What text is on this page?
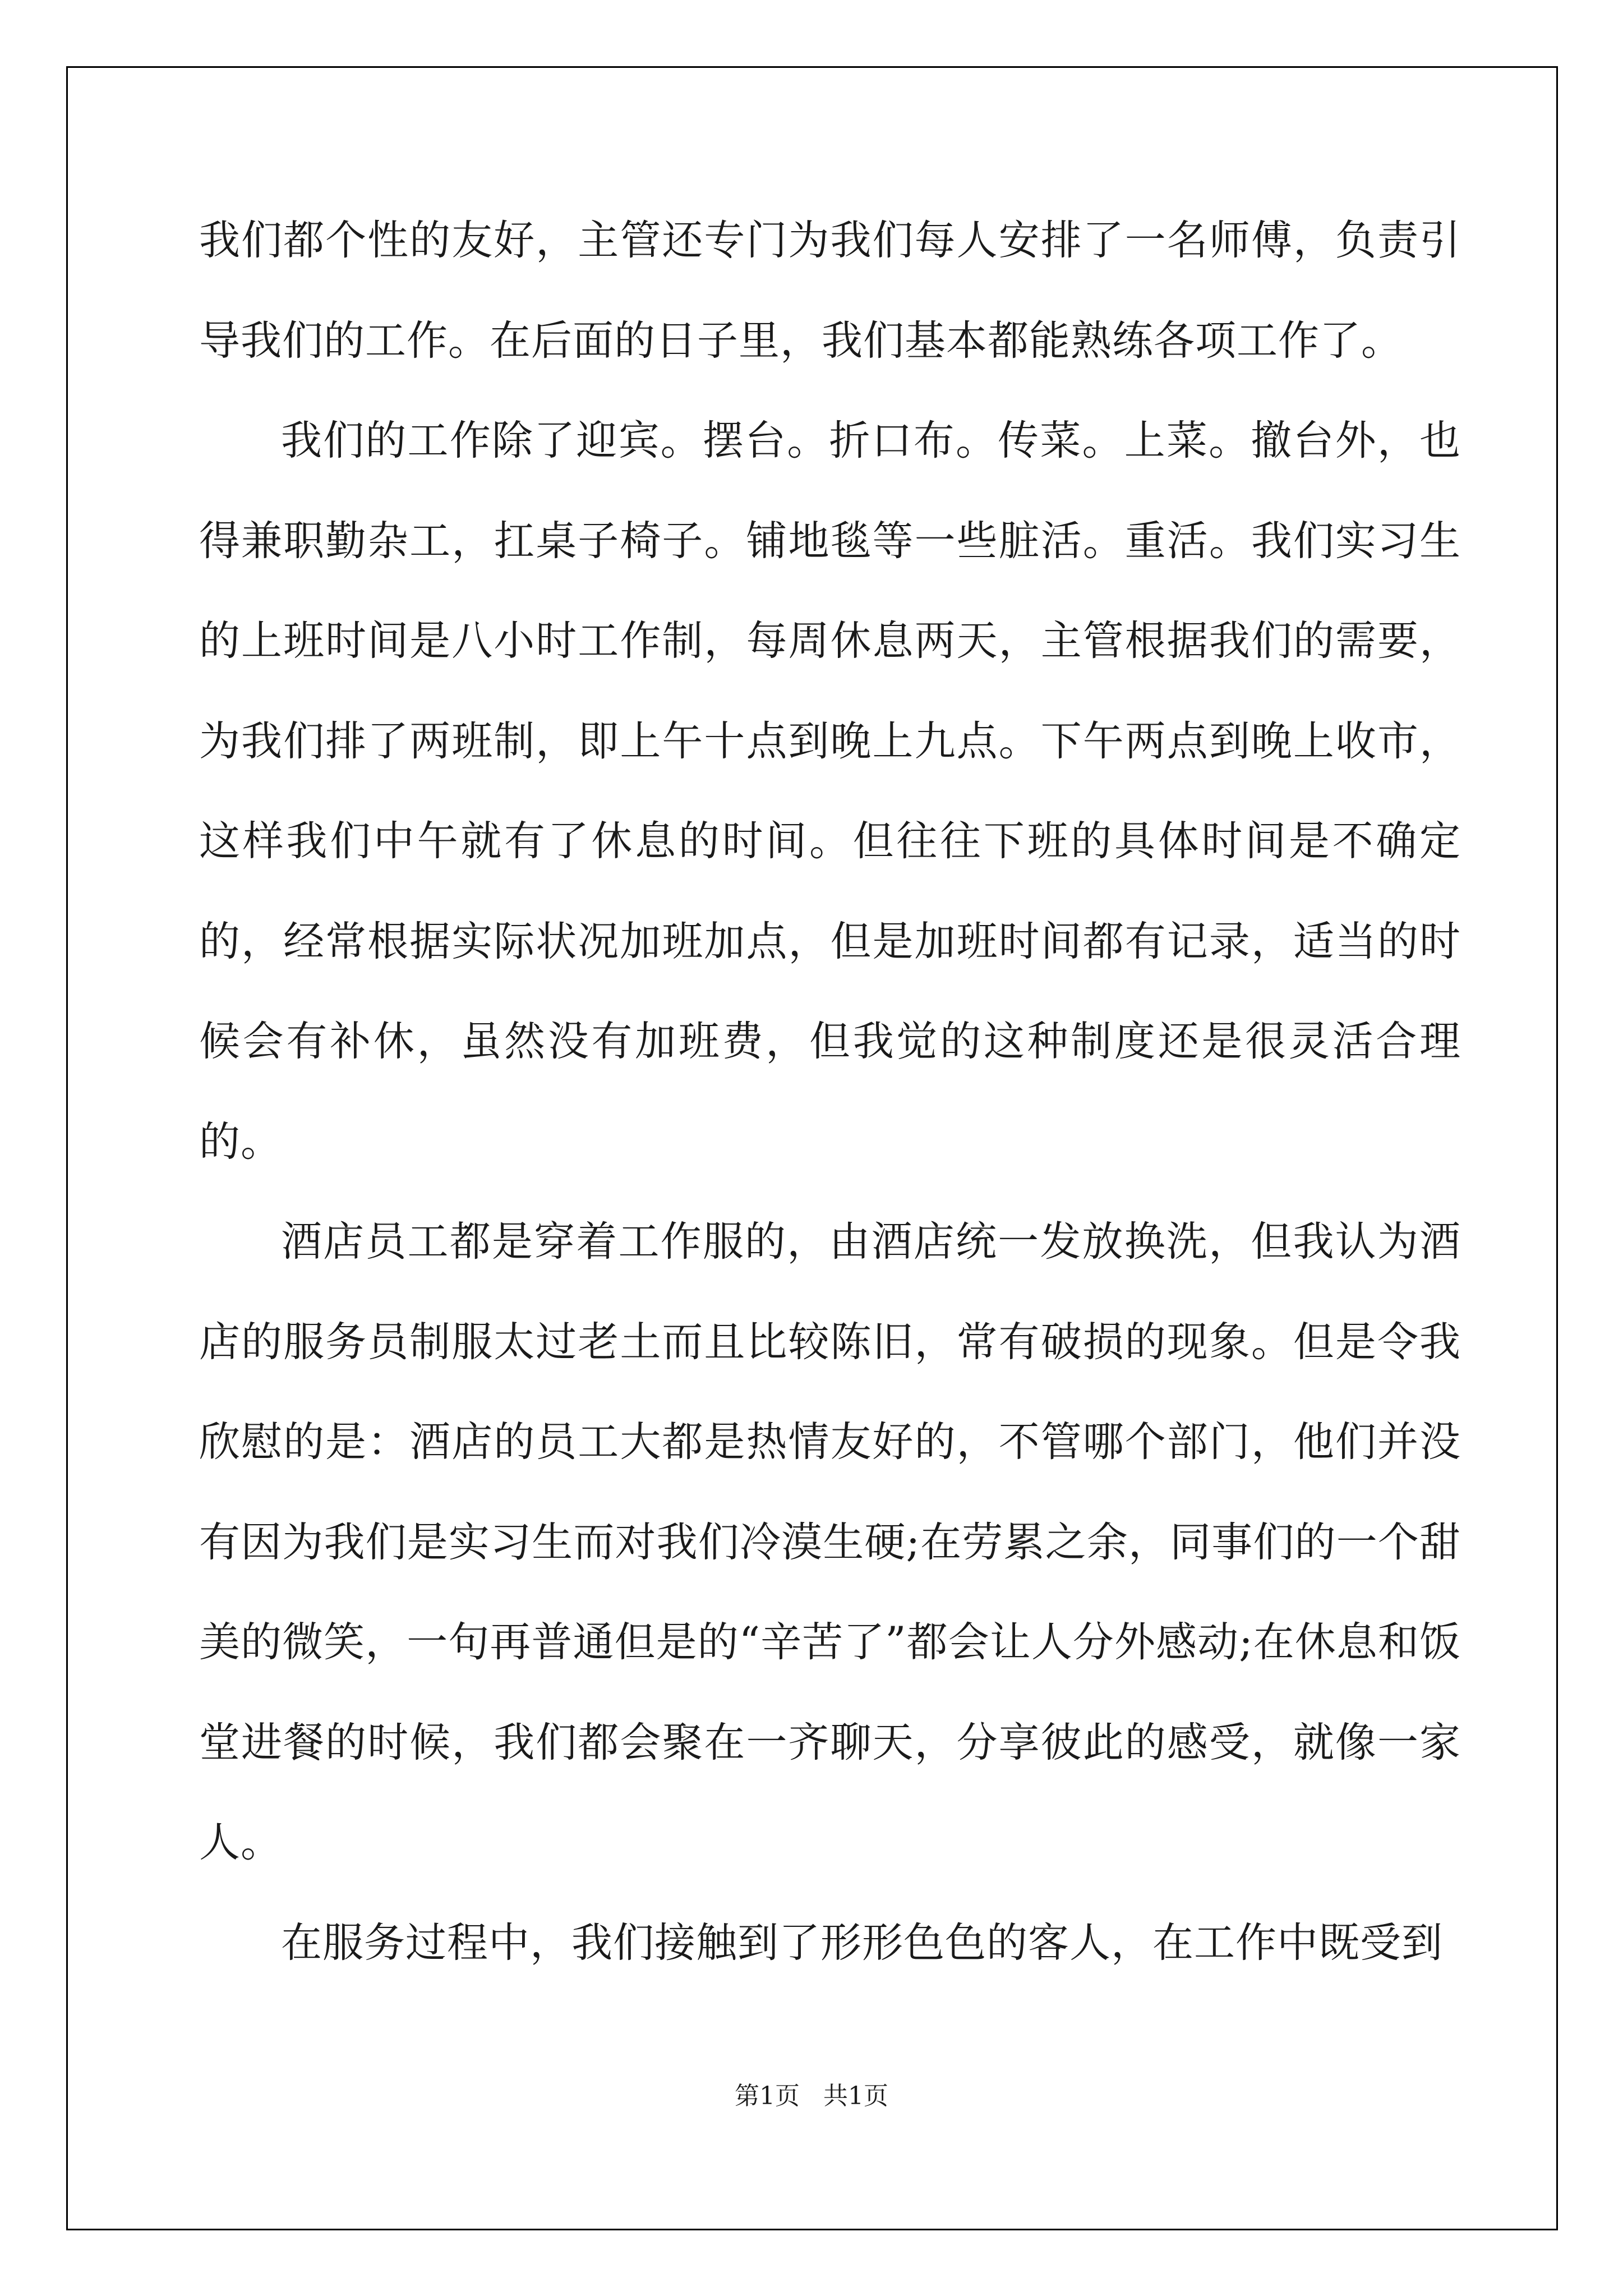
我们都个性的友好，主管还专门为我们每人安排了一名师傅，负责引导我们的工作。在后面的日子里，我们基本都能熟练各项工作了。

我们的工作除了迎宾。摆台。折口布。传菜。上菜。撤台外，也得兼职勤杂工，扛桌子椅子。铺地毯等一些脏活。重活。我们实习生的上班时间是八小时工作制，每周休息两天，主管根据我们的需要，为我们排了两班制，即上午十点到晚上九点。下午两点到晚上收市，这样我们中午就有了休息的时间。但往往下班的具体时间是不确定的，经常根据实际状况加班加点，但是加班时间都有记录，适当的时候会有补休，虽然没有加班费，但我觉的这种制度还是很灵活合理的。

酒店员工都是穿着工作服的，由酒店统一发放换洗，但我认为酒店的服务员制服太过老土而且比较陈旧，常有破损的现象。但是令我欣慰的是：酒店的员工大都是热情友好的，不管哪个部门，他们并没有因为我们是实习生而对我们冷漠生硬;在劳累之余，同事们的一个甜美的微笑，一句再普通但是的“辛苦了”都会让人分外感动;在休息和饭堂进餐的时候，我们都会聚在一齐聊天，分享彼此的感受，就像一家人。

在服务过程中，我们接触到了形形色色的客人，在工作中既受到

第1页 共1页
